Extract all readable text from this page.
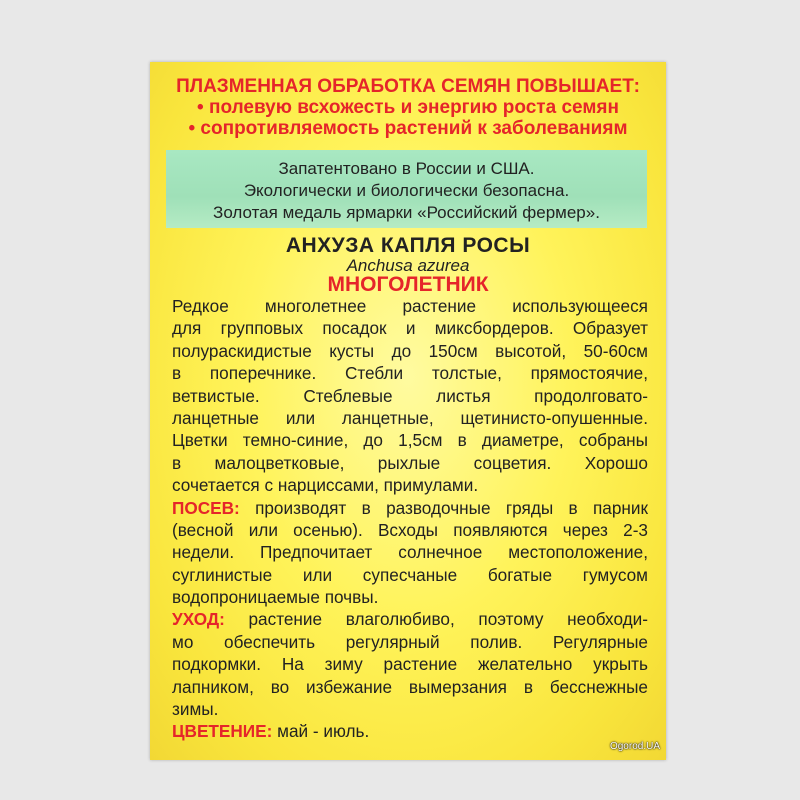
ПЛАЗМЕННАЯ ОБРАБОТКА СЕМЯН ПОВЫШАЕТ:
• полевую всхожесть и энергию роста семян
• сопротивляемость растений к заболеваниям
Запатентовано в России и США.
Экологически и биологически безопасна.
Золотая медаль ярмарки «Российский фермер».
АНХУЗА КАПЛЯ РОСЫ
Anchusa azurea
МНОГОЛЕТНИК
Редкое многолетнее растение использующееся
для групповых посадок и миксбордеров. Образует
полураскидистые кусты до 150см высотой, 50-60см
в поперечнике. Стебли толстые, прямостоячие,
ветвистые. Стеблевые листья продолговато-
ланцетные или ланцетные, щетинисто-опушенные.
Цветки темно-синие, до 1,5см в диаметре, собраны
в малоцветковые, рыхлые соцветия. Хорошо
сочетается с нарциссами, примулами.
ПОСЕВ: производят в разводочные гряды в парник
(весной или осенью). Всходы появляются через 2-3
недели. Предпочитает солнечное местоположение,
суглинистые или супесчаные богатые гумусом
водопроницаемые почвы.
УХОД: растение влаголюбиво, поэтому необходи-
мо обеспечить регулярный полив. Регулярные
подкормки. На зиму растение желательно укрыть
лапником, во избежание вымерзания в бесснежные
зимы.
ЦВЕТЕНИЕ: май - июль.
Ogorod.UA
